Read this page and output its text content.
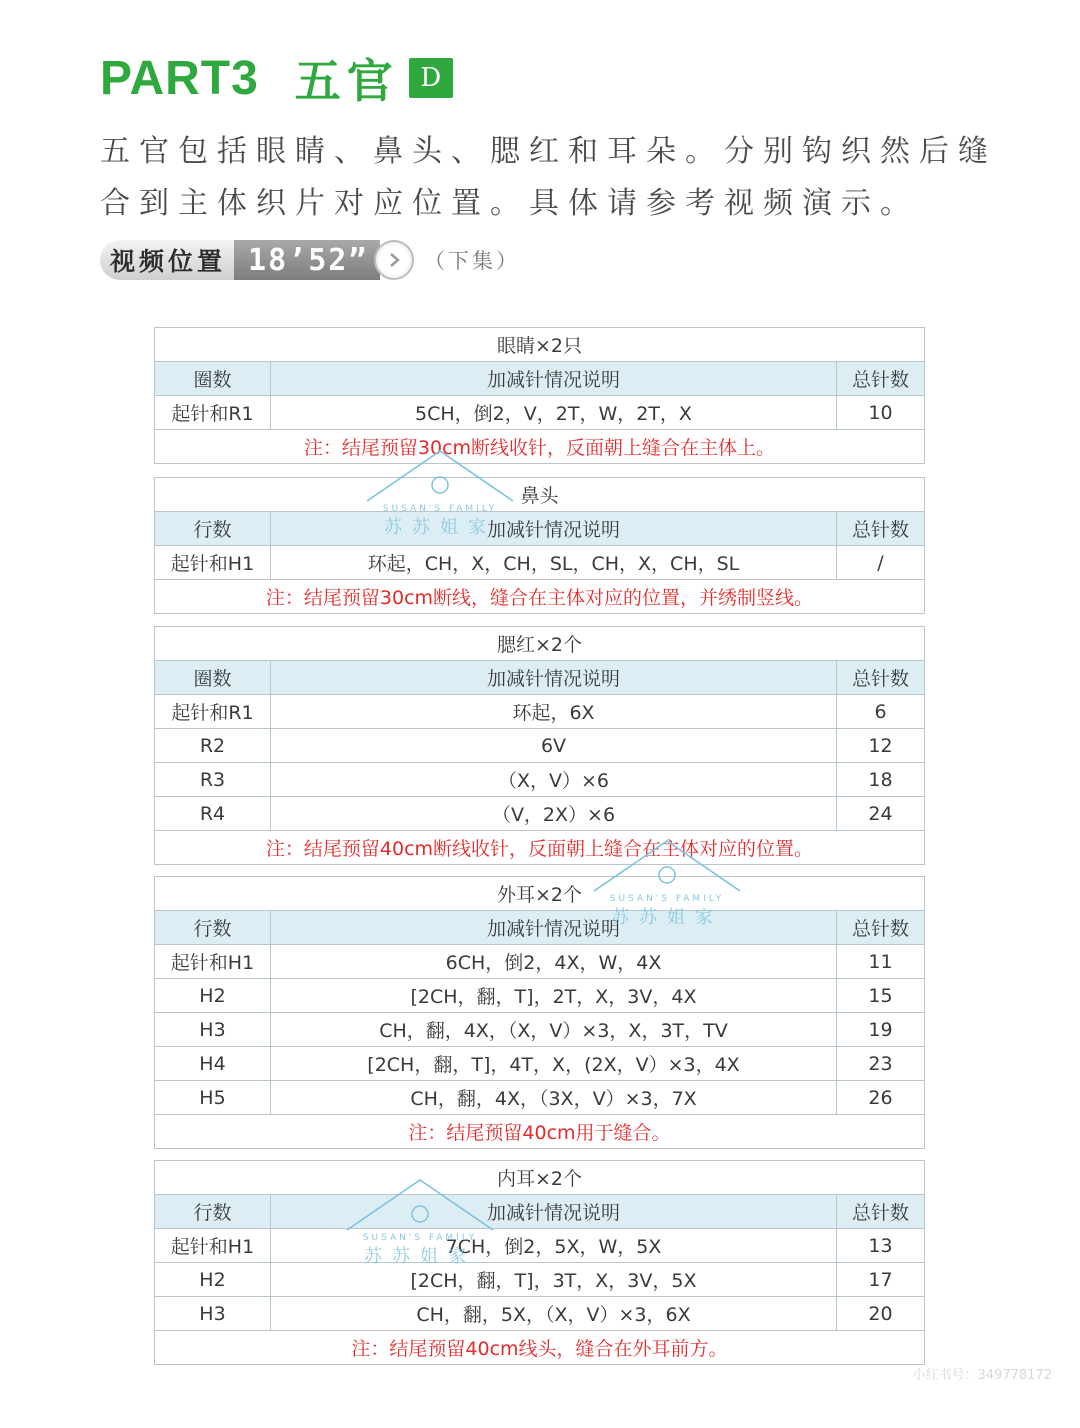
PART3 五官 D
五官包括眼睛、鼻头、腮红和耳朵。分别钩织然后缝合到主体织片对应位置。具体请参考视频演示。
视频位置 18’52”	（下集）
眼睛×2只		
圈数	加减针情况说明	总针数
起针和R1	5CH，倒2，V，2T，W，2T，X	10
注：结尾预留30cm断线收针，反面朝上缝合在主体上。		
鼻头		
行数	加减针情况说明	总针数
起针和H1	环起，CH，X，CH，SL，CH，X，CH，SL	/
注：结尾预留30cm断线，缝合在主体对应的位置，并绣制竖线。		
腮红×2个		
圈数	加减针情况说明	总针数
起针和R1	环起，6X	6
R2	6V	12
R3	（X，V）×6	18
R4	（V，2X）×6	24
注：结尾预留40cm断线收针，反面朝上缝合在主体对应的位置。		
外耳×2个		
行数	加减针情况说明	总针数
起针和H1	6CH，倒2，4X，W，4X	11
H2	[2CH，翻，T]，2T，X，3V，4X	15
H3	CH，翻，4X，（X，V）×3，X，3T，TV	19
H4	[2CH，翻，T]，4T，X，(2X，V）×3，4X	23
H5	CH，翻，4X，（3X，V）×3，7X	26
注：结尾预留40cm用于缝合。		
内耳×2个		
行数	加减针情况说明	总针数
起针和H1	7CH，倒2，5X，W，5X	13
H2	[2CH，翻，T]，3T，X，3V，5X	17
H3	CH，翻，5X，（X，V）×3，6X	20
注：结尾预留40cm线头，缝合在外耳前方。		
小红书号：349778172
SUSAN'S FAMILY
苏苏姐家
SUSAN'S FAMILY
苏苏姐家
SUSAN'S FAMILY
苏苏姐家
